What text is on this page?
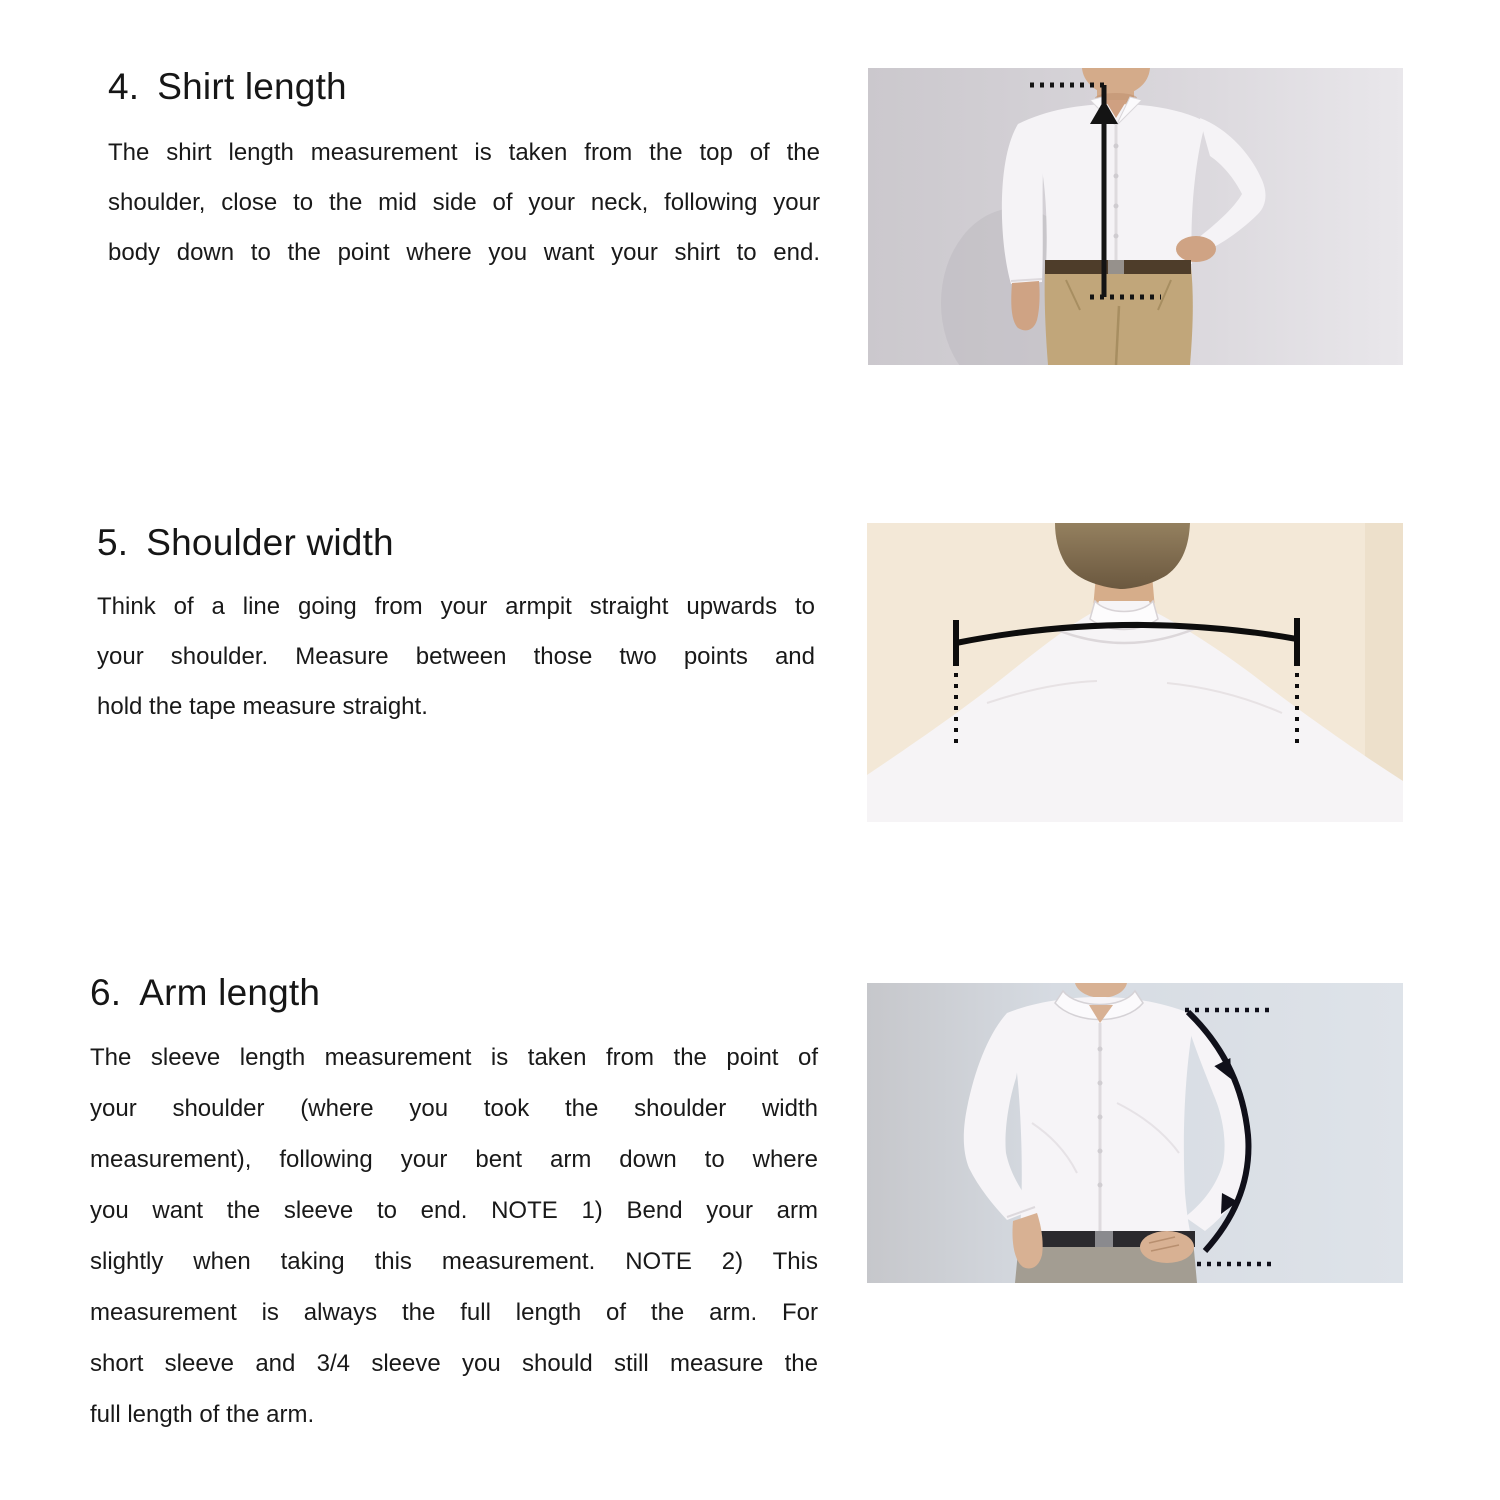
4. Shirt length
The shirt length measurement is taken from the top of the
shoulder, close to the mid side of your neck, following your
body down to the point where you want your shirt to end.
5. Shoulder width
Think of a line going from your armpit straight upwards to
your shoulder. Measure between those two points and
hold the tape measure straight.
6. Arm length
The sleeve length measurement is taken from the point of
your shoulder (where you took the shoulder width
measurement), following your bent arm down to where
you want the sleeve to end. NOTE 1) Bend your arm
slightly when taking this measurement. NOTE 2) This
measurement is always the full length of the arm. For
short sleeve and 3/4 sleeve you should still measure the
full length of the arm.
